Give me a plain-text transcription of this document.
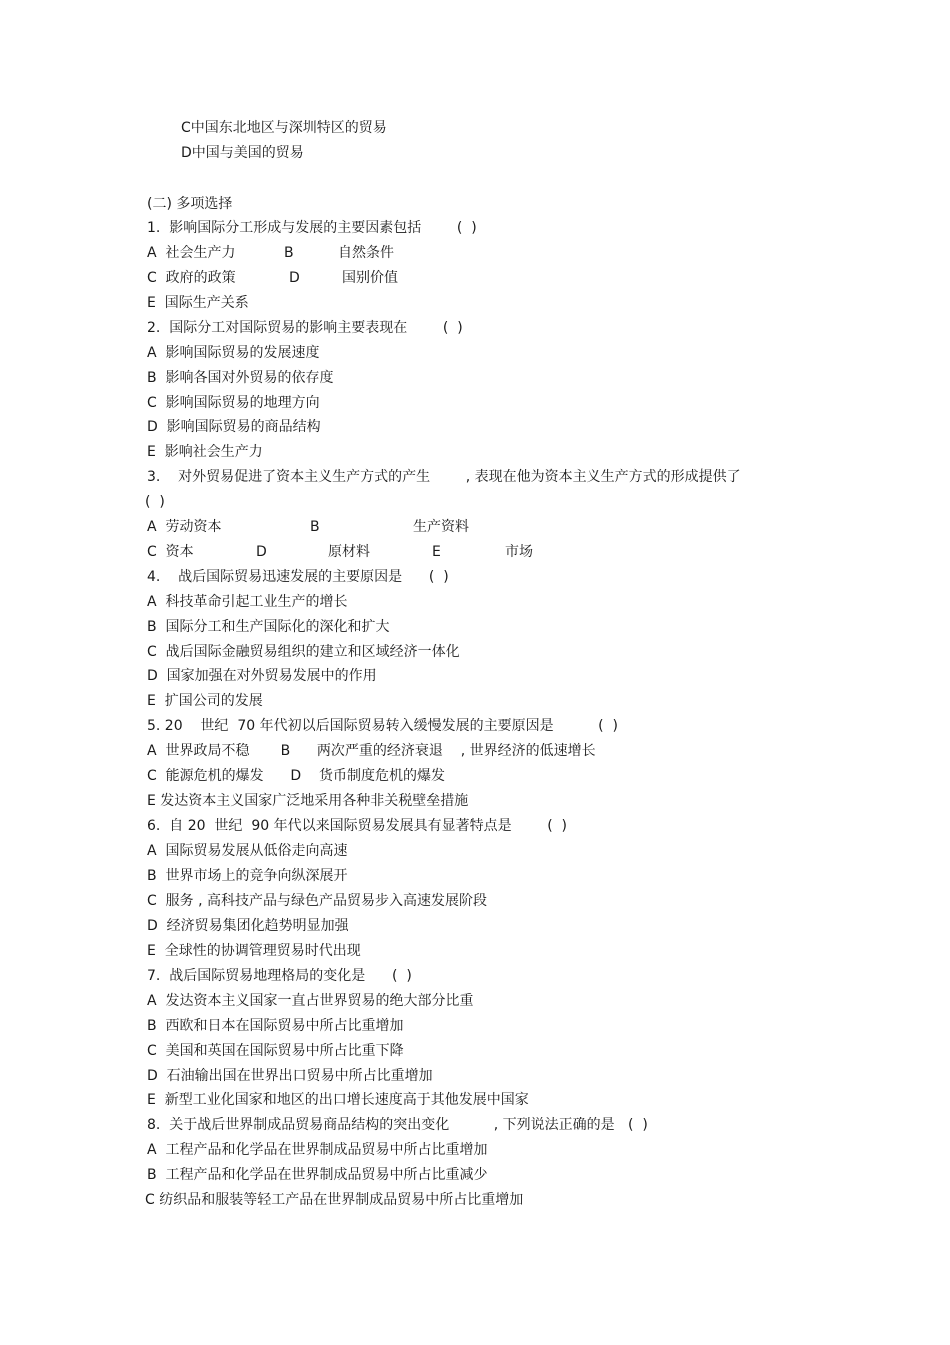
C中国东北地区与深圳特区的贸易
D中国与美国的贸易
(二) 多项选择
1.  影响国际分工形成与发展的主要因素包括        (  )
A  社会生产力	B	自然条件
C  政府的政策	D	国别价值
E  国际生产关系
2.  国际分工对国际贸易的影响主要表现在        (  )
A  影响国际贸易的发展速度
B  影响各国对外贸易的依存度
C  影响国际贸易的地理方向
D  影响国际贸易的商品结构
E  影响社会生产力
3.    对外贸易促进了资本主义生产方式的产生        , 表现在他为资本主义生产方式的形成提供了
(  )
A  劳动资本	B	生产资料
C  资本	D	原材料	E	市场
4.    战后国际贸易迅速发展的主要原因是      (  )
A  科技革命引起工业生产的增长
B  国际分工和生产国际化的深化和扩大
C  战后国际金融贸易组织的建立和区域经济一体化
D  国家加强在对外贸易发展中的作用
E  扩国公司的发展
5. 20    世纪  70 年代初以后国际贸易转入缓慢发展的主要原因是          (  )
A  世界政局不稳       B      两次严重的经济衰退    , 世界经济的低速增长
C  能源危机的爆发      D    货币制度危机的爆发
E 发达资本主义国家广泛地采用各种非关税壁垒措施
6.  自 20  世纪  90 年代以来国际贸易发展具有显著特点是        (  )
A  国际贸易发展从低俗走向高速
B  世界市场上的竞争向纵深展开
C  服务 , 高科技产品与绿色产品贸易步入高速发展阶段
D  经济贸易集团化趋势明显加强
E  全球性的协调管理贸易时代出现
7.  战后国际贸易地理格局的变化是      (  )
A  发达资本主义国家一直占世界贸易的绝大部分比重
B  西欧和日本在国际贸易中所占比重增加
C  美国和英国在国际贸易中所占比重下降
D  石油输出国在世界出口贸易中所占比重增加
E  新型工业化国家和地区的出口增长速度高于其他发展中国家
8.  关于战后世界制成品贸易商品结构的突出变化          , 下列说法正确的是   (  )
A  工程产品和化学品在世界制成品贸易中所占比重增加
B  工程产品和化学品在世界制成品贸易中所占比重减少
C 纺织品和服装等轻工产品在世界制成品贸易中所占比重增加
